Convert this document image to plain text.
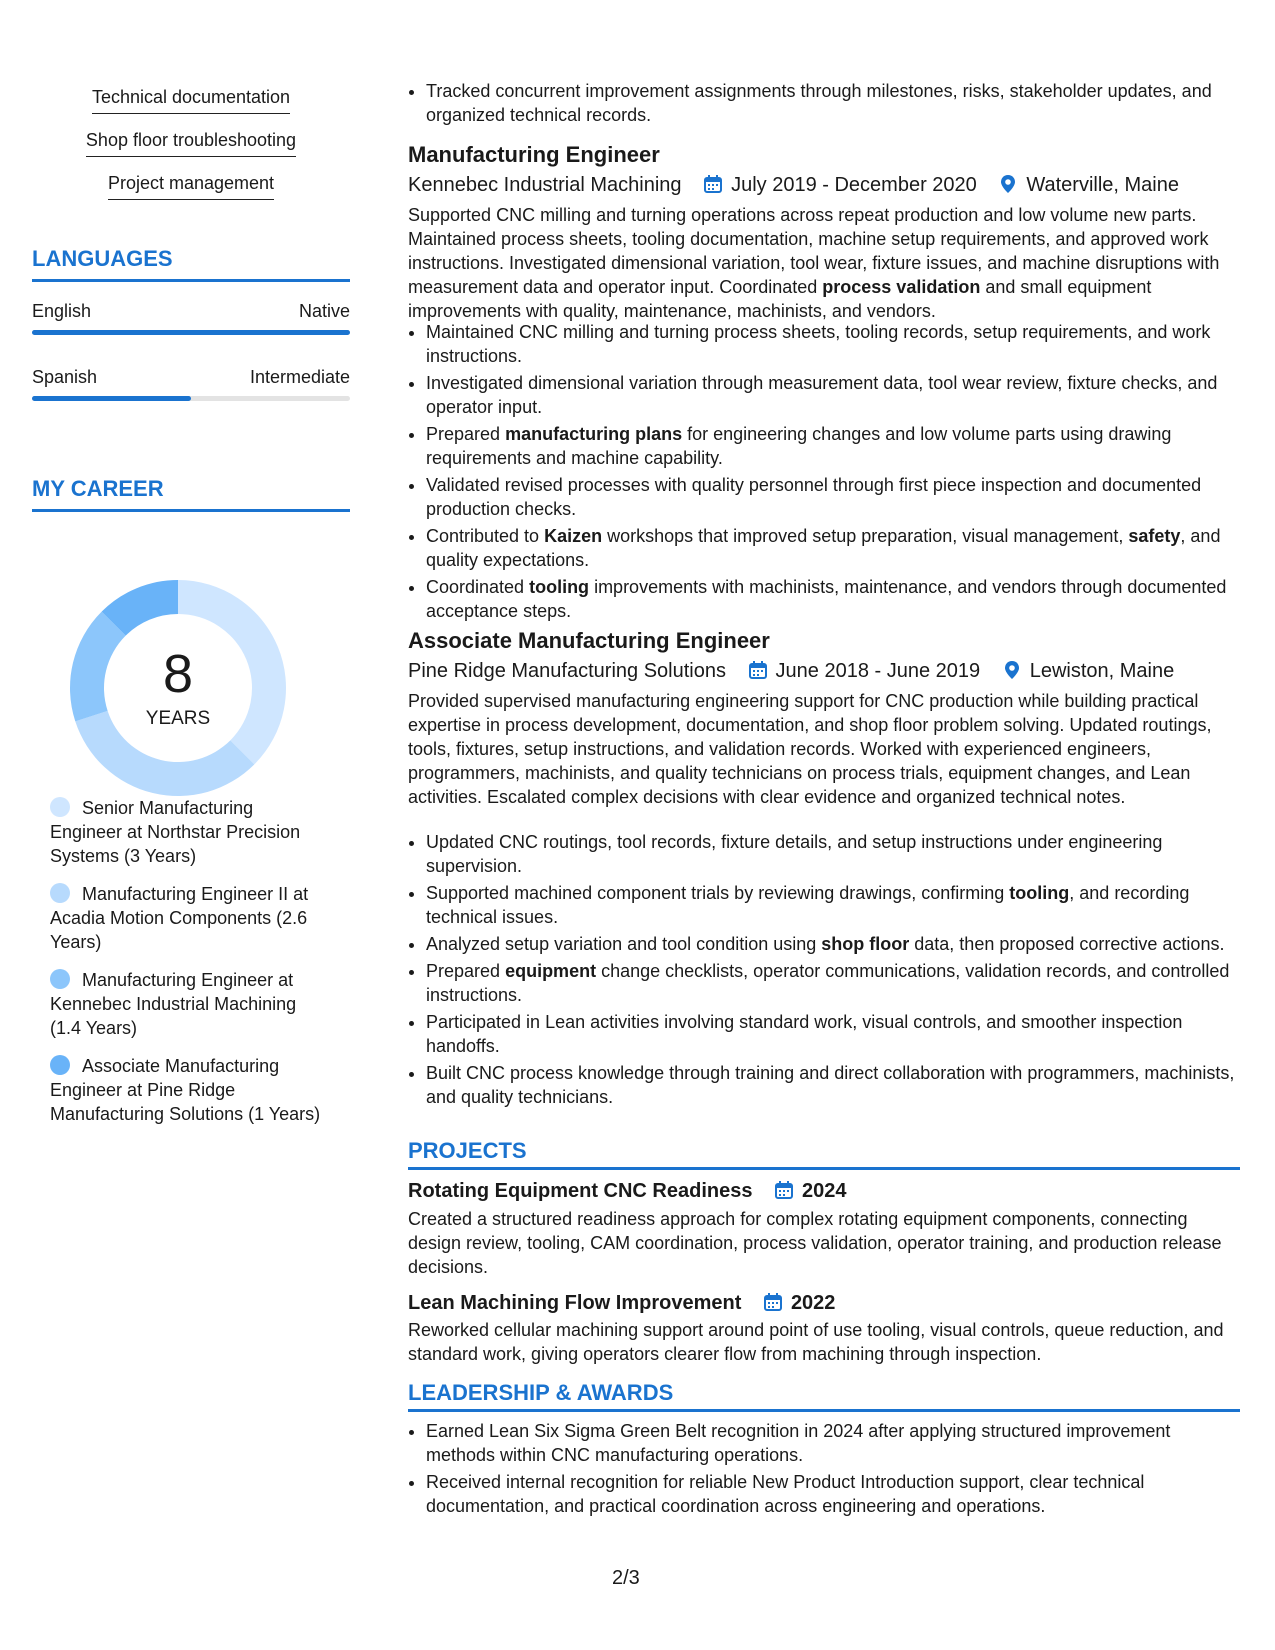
Technical documentation
Shop floor troubleshooting
Project management
LANGUAGES
English	Native
Spanish	Intermediate
MY CAREER
8
YEARS
Senior Manufacturing Engineer at Northstar Precision Systems (3 Years)
Manufacturing Engineer II at Acadia Motion Components (2.6 Years)
Manufacturing Engineer at Kennebec Industrial Machining (1.4 Years)
Associate Manufacturing Engineer at Pine Ridge Manufacturing Solutions (1 Years)
• Tracked concurrent improvement assignments through milestones, risks, stakeholder updates, and organized technical records.
Manufacturing Engineer
Kennebec Industrial Machining July 2019 - December 2020 Waterville, Maine
Supported CNC milling and turning operations across repeat production and low volume new parts. Maintained process sheets, tooling documentation, machine setup requirements, and approved work instructions. Investigated dimensional variation, tool wear, fixture issues, and machine disruptions with measurement data and operator input. Coordinated process validation and small equipment improvements with quality, maintenance, machinists, and vendors.
• Maintained CNC milling and turning process sheets, tooling records, setup requirements, and work instructions.
• Investigated dimensional variation through measurement data, tool wear review, fixture checks, and operator input.
• Prepared manufacturing plans for engineering changes and low volume parts using drawing requirements and machine capability.
• Validated revised processes with quality personnel through first piece inspection and documented production checks.
• Contributed to Kaizen workshops that improved setup preparation, visual management, safety, and quality expectations.
• Coordinated tooling improvements with machinists, maintenance, and vendors through documented acceptance steps.
Associate Manufacturing Engineer
Pine Ridge Manufacturing Solutions June 2018 - June 2019 Lewiston, Maine
Provided supervised manufacturing engineering support for CNC production while building practical expertise in process development, documentation, and shop floor problem solving. Updated routings, tools, fixtures, setup instructions, and validation records. Worked with experienced engineers, programmers, machinists, and quality technicians on process trials, equipment changes, and Lean activities. Escalated complex decisions with clear evidence and organized technical notes.
• Updated CNC routings, tool records, fixture details, and setup instructions under engineering supervision.
• Supported machined component trials by reviewing drawings, confirming tooling, and recording technical issues.
• Analyzed setup variation and tool condition using shop floor data, then proposed corrective actions.
• Prepared equipment change checklists, operator communications, validation records, and controlled instructions.
• Participated in Lean activities involving standard work, visual controls, and smoother inspection handoffs.
• Built CNC process knowledge through training and direct collaboration with programmers, machinists, and quality technicians.
PROJECTS
Rotating Equipment CNC Readiness 2024
Created a structured readiness approach for complex rotating equipment components, connecting design review, tooling, CAM coordination, process validation, operator training, and production release decisions.
Lean Machining Flow Improvement 2022
Reworked cellular machining support around point of use tooling, visual controls, queue reduction, and standard work, giving operators clearer flow from machining through inspection.
LEADERSHIP & AWARDS
• Earned Lean Six Sigma Green Belt recognition in 2024 after applying structured improvement methods within CNC manufacturing operations.
• Received internal recognition for reliable New Product Introduction support, clear technical documentation, and practical coordination across engineering and operations.
2/3
